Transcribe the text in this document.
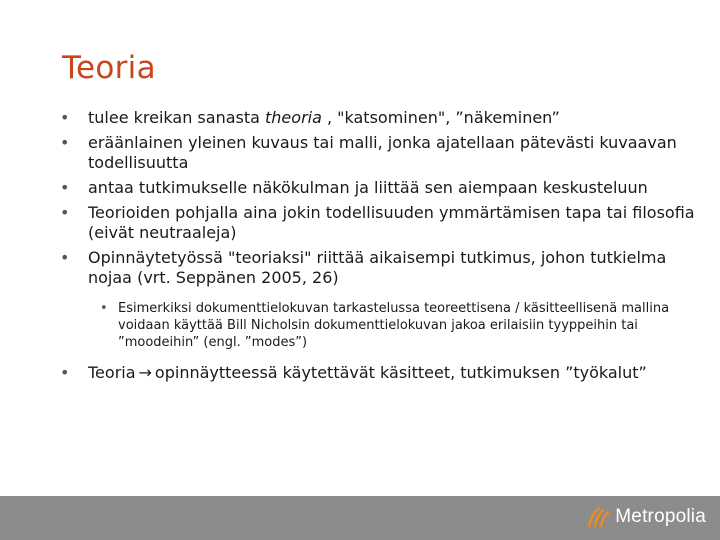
Teoria
• tulee kreikan sanasta theoria , "katsominen", ”näkeminen”
• eräänlainen yleinen kuvaus tai malli, jonka ajatellaan pätevästi kuvaavan todellisuutta
• antaa tutkimukselle näkökulman ja liittää sen aiempaan keskusteluun
• Teorioiden pohjalla aina jokin todellisuuden ymmärtämisen tapa tai filosofia (eivät neutraaleja)
• Opinnäytetyössä "teoriaksi" riittää aikaisempi tutkimus, johon tutkielma nojaa (vrt. Seppänen 2005, 26)
• Esimerkiksi dokumenttielokuvan tarkastelussa teoreettisena / käsitteellisenä mallina voidaan käyttää Bill Nicholsin dokumenttielokuvan jakoa erilaisiin tyyppeihin tai ”moodeihin” (engl. ”modes”)
• Teoria → opinnäytteessä käytettävät käsitteet, tutkimuksen ”työkalut”
Metropolia
